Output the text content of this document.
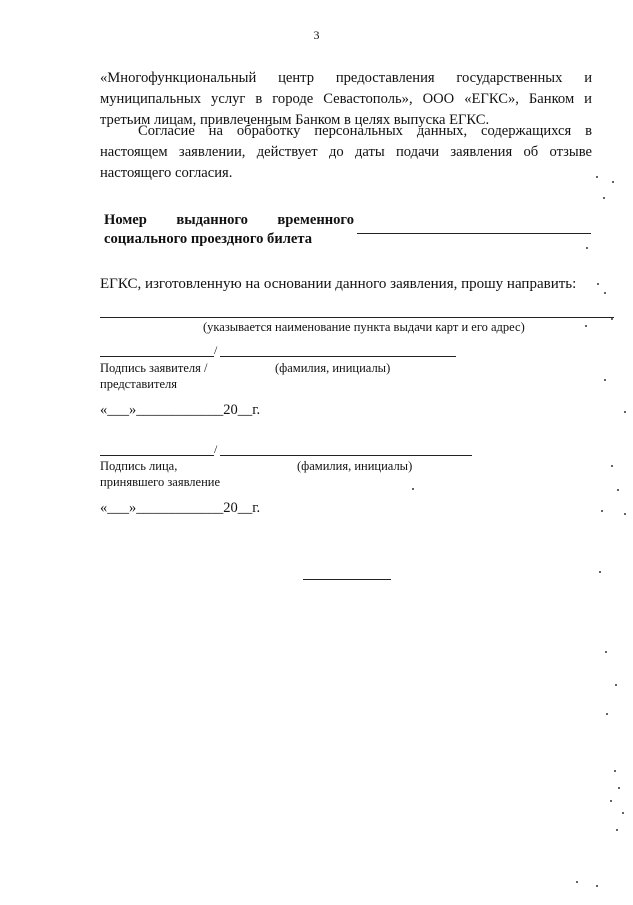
3
«Многофункциональный центр предоставления государственных и муниципальных услуг в городе Севастополь», ООО «ЕГКС», Банком и третьим лицам, привлеченным Банком в целях выпуска ЕГКС.
Согласие на обработку персональных данных, содержащихся в настоящем заявлении, действует до даты подачи заявления об отзыве настоящего согласия.
Номер выданного временного
социального проездного билета
ЕГКС, изготовленную на основании данного заявления, прошу направить:
(указывается наименование пункта выдачи карт и его адрес)
/
Подпись заявителя /
представителя
(фамилия, инициалы)
«___»____________20__г.
/
Подпись лица,
принявшего заявление
(фамилия, инициалы)
«___»____________20__г.
